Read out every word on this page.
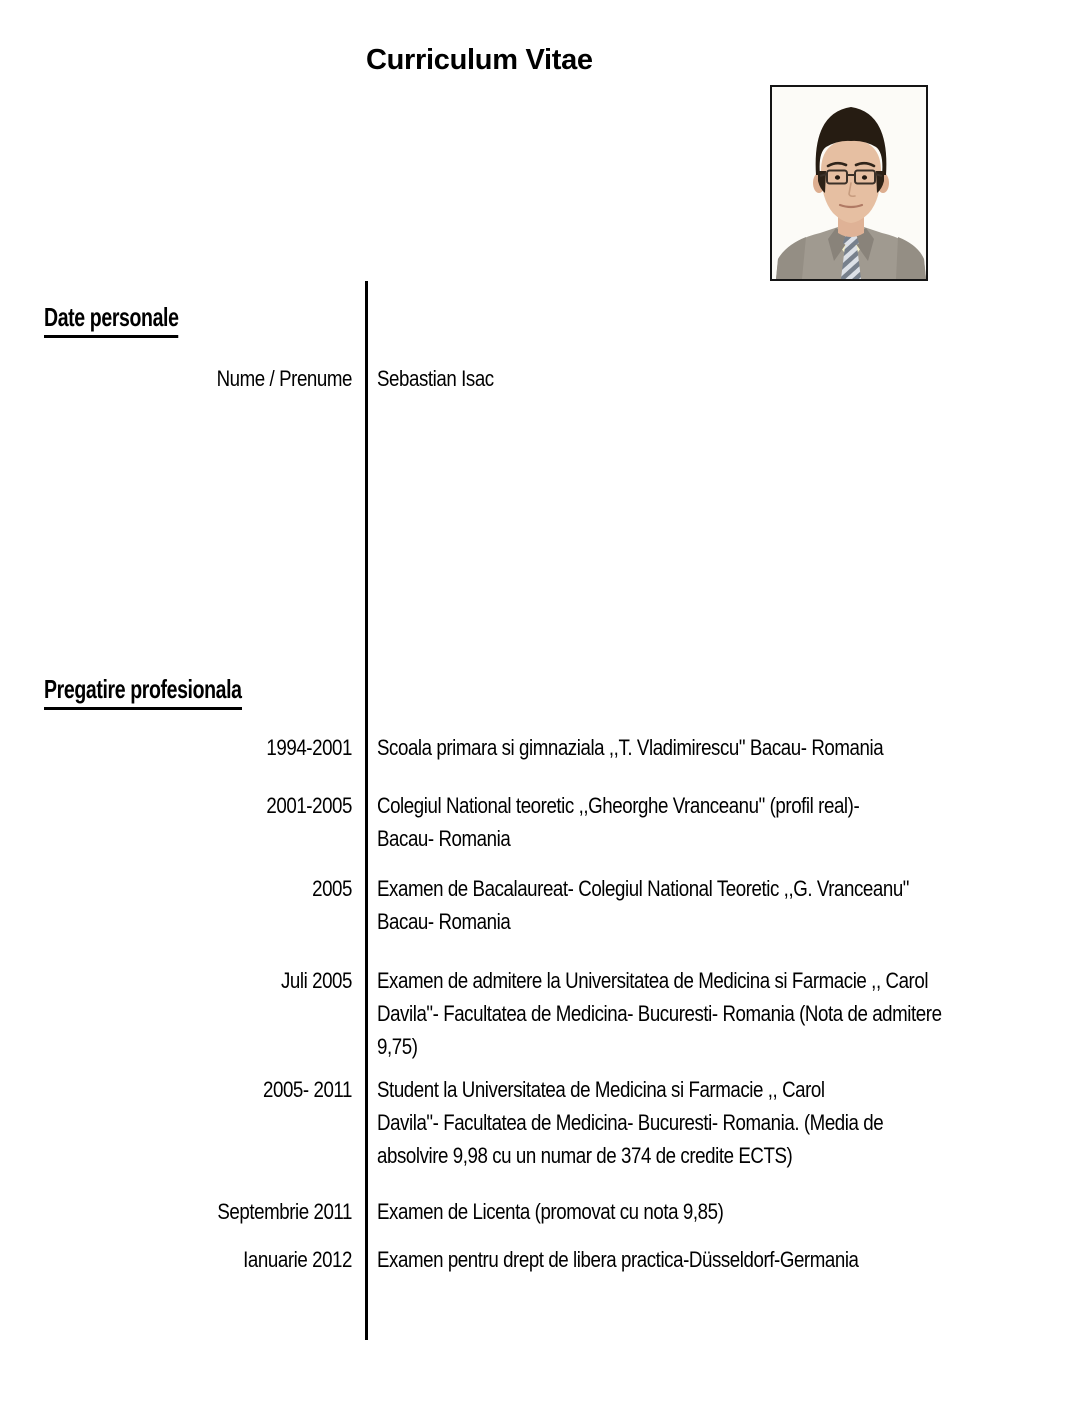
Curriculum Vitae
Date personale
Nume / Prenume Sebastian Isac
Pregatire profesionala
1994-2001 Scoala primara si gimnaziala ,,T. Vladimirescu" Bacau- Romania
2001-2005 Colegiul National teoretic ,,Gheorghe Vranceanu" (profil real)-
Bacau- Romania
2005 Examen de Bacalaureat- Colegiul National Teoretic ,,G. Vranceanu"
Bacau- Romania
Juli 2005 Examen de admitere la Universitatea de Medicina si Farmacie ,, Carol
Davila"- Facultatea de Medicina- Bucuresti- Romania (Nota de admitere
9,75)
2005- 2011 Student la Universitatea de Medicina si Farmacie ,, Carol
Davila"- Facultatea de Medicina- Bucuresti- Romania. (Media de
absolvire 9,98 cu un numar de 374 de credite ECTS)
Septembrie 2011 Examen de Licenta (promovat cu nota 9,85)
Ianuarie 2012 Examen pentru drept de libera practica-Düsseldorf-Germania
